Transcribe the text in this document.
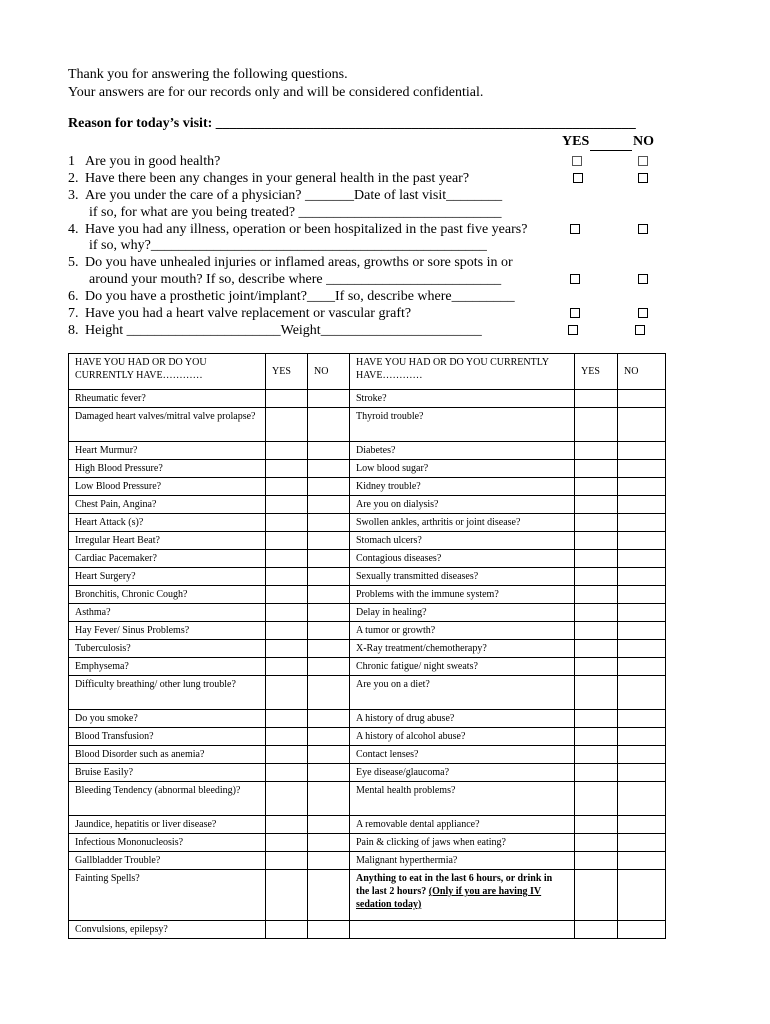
Thank you for answering the following questions.
Your answers are for our records only and will be considered confidential.
Reason for today’s visit: ____________________________________________________________
YES	NO
1 Are you in good health?
2. Have there been any changes in your general health in the past year?
3. Are you under the care of a physician? _______Date of last visit________
if so, for what are you being treated? _____________________________
4. Have you had any illness, operation or been hospitalized in the past five years?
if so, why?________________________________________________
5. Do you have unhealed injuries or inflamed areas, growths or sore spots in or
around your mouth? If so, describe where _________________________
6. Do you have a prosthetic joint/implant?____If so, describe where_________
7. Have you had a heart valve replacement or vascular graft?
8. Height ______________________Weight_______________________
HAVE YOU HAD OR DO YOU CURRENTLY HAVE…………	YES	NO	HAVE YOU HAD OR DO YOU CURRENTLY HAVE…………	YES	NO
Rheumatic fever?			Stroke?		
Damaged heart valves/mitral valve prolapse?			Thyroid trouble?		
Heart Murmur?			Diabetes?		
High Blood Pressure?			Low blood sugar?		
Low Blood Pressure?			Kidney trouble?		
Chest Pain, Angina?			Are you on dialysis?		
Heart Attack (s)?			Swollen ankles, arthritis or joint disease?		
Irregular Heart Beat?			Stomach ulcers?		
Cardiac Pacemaker?			Contagious diseases?		
Heart Surgery?			Sexually transmitted diseases?		
Bronchitis, Chronic Cough?			Problems with the immune system?		
Asthma?			Delay in healing?		
Hay Fever/ Sinus Problems?			A tumor or growth?		
Tuberculosis?			X-Ray treatment/chemotherapy?		
Emphysema?			Chronic fatigue/ night sweats?		
Difficulty breathing/ other lung trouble?			Are you on a diet?		
Do you smoke?			A history of drug abuse?		
Blood Transfusion?			A history of alcohol abuse?		
Blood Disorder such as anemia?			Contact lenses?		
Bruise Easily?			Eye disease/glaucoma?		
Bleeding Tendency (abnormal bleeding)?			Mental health problems?		
Jaundice, hepatitis or liver disease?			A removable dental appliance?		
Infectious Mononucleosis?			Pain & clicking of jaws when eating?		
Gallbladder Trouble?			Malignant hyperthermia?		
Fainting Spells?			Anything to eat in the last 6 hours, or drink in the last 2 hours? (Only if you are having IV sedation today)		
Convulsions, epilepsy?					
